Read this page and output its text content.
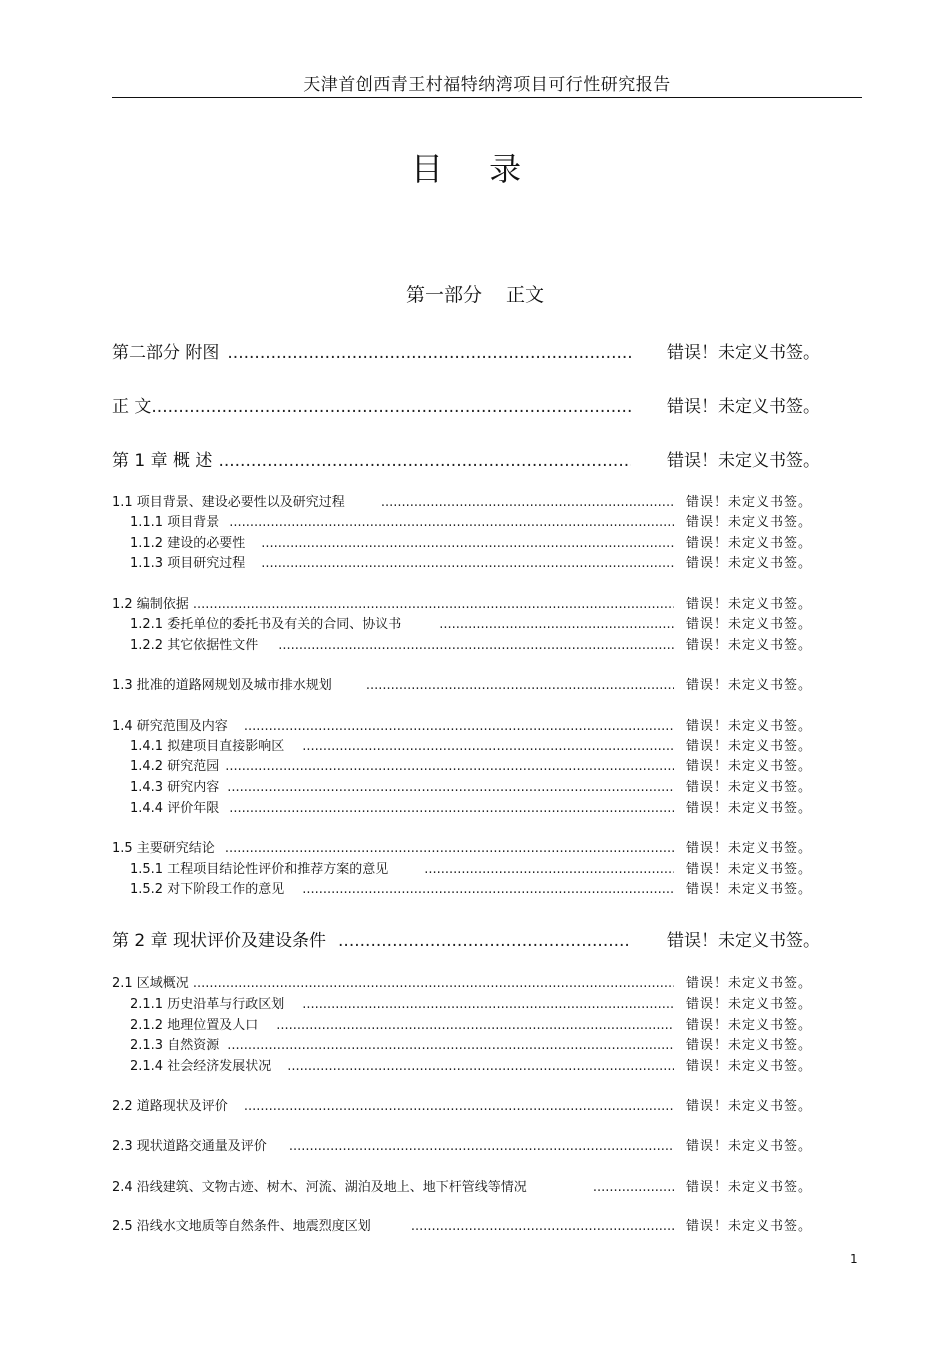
天津首创西青王村福特纳湾项目可行性研究报告
目 录
第一部分 正文
第二部分 附图 .....	错误！未定义书签。
正 文 .....	错误！未定义书签。
第 1 章 概 述 .....	错误！未定义书签。
1.1 项目背景、建设必要性以及研究过程 .....	错误！未定义书签。
1.1.1 项目背景 .....	错误！未定义书签。
1.1.2 建设的必要性 .....	错误！未定义书签。
1.1.3 项目研究过程 .....	错误！未定义书签。
1.2 编制依据 .....	错误！未定义书签。
1.2.1 委托单位的委托书及有关的合同、协议书 .....	错误！未定义书签。
1.2.2 其它依据性文件 .....	错误！未定义书签。
1.3 批准的道路网规划及城市排水规划 .....	错误！未定义书签。
1.4 研究范围及内容 .....	错误！未定义书签。
1.4.1 拟建项目直接影响区 .....	错误！未定义书签。
1.4.2 研究范园 .....	错误！未定义书签。
1.4.3 研究内容 .....	错误！未定义书签。
1.4.4 评价年限 .....	错误！未定义书签。
1.5 主要研究结论 .....	错误！未定义书签。
1.5.1 工程项目结论性评价和推荐方案的意见 .....	错误！未定义书签。
1.5.2 对下阶段工作的意见 .....	错误！未定义书签。
第 2 章 现状评价及建设条件 .....	错误！未定义书签。
2.1 区域概况 .....	错误！未定义书签。
2.1.1 历史沿革与行政区划 .....	错误！未定义书签。
2.1.2 地理位置及人口 .....	错误！未定义书签。
2.1.3 自然资源 .....	错误！未定义书签。
2.1.4 社会经济发展状况 .....	错误！未定义书签。
2.2 道路现状及评价 .....	错误！未定义书签。
2.3 现状道路交通量及评价 .....	错误！未定义书签。
2.4 沿线建筑、文物古迹、树木、河流、湖泊及地上、地下杆管线等情况 .....	错误！未定义书签。
2.5 沿线水文地质等自然条件、地震烈度区划 .....	错误！未定义书签。
1
